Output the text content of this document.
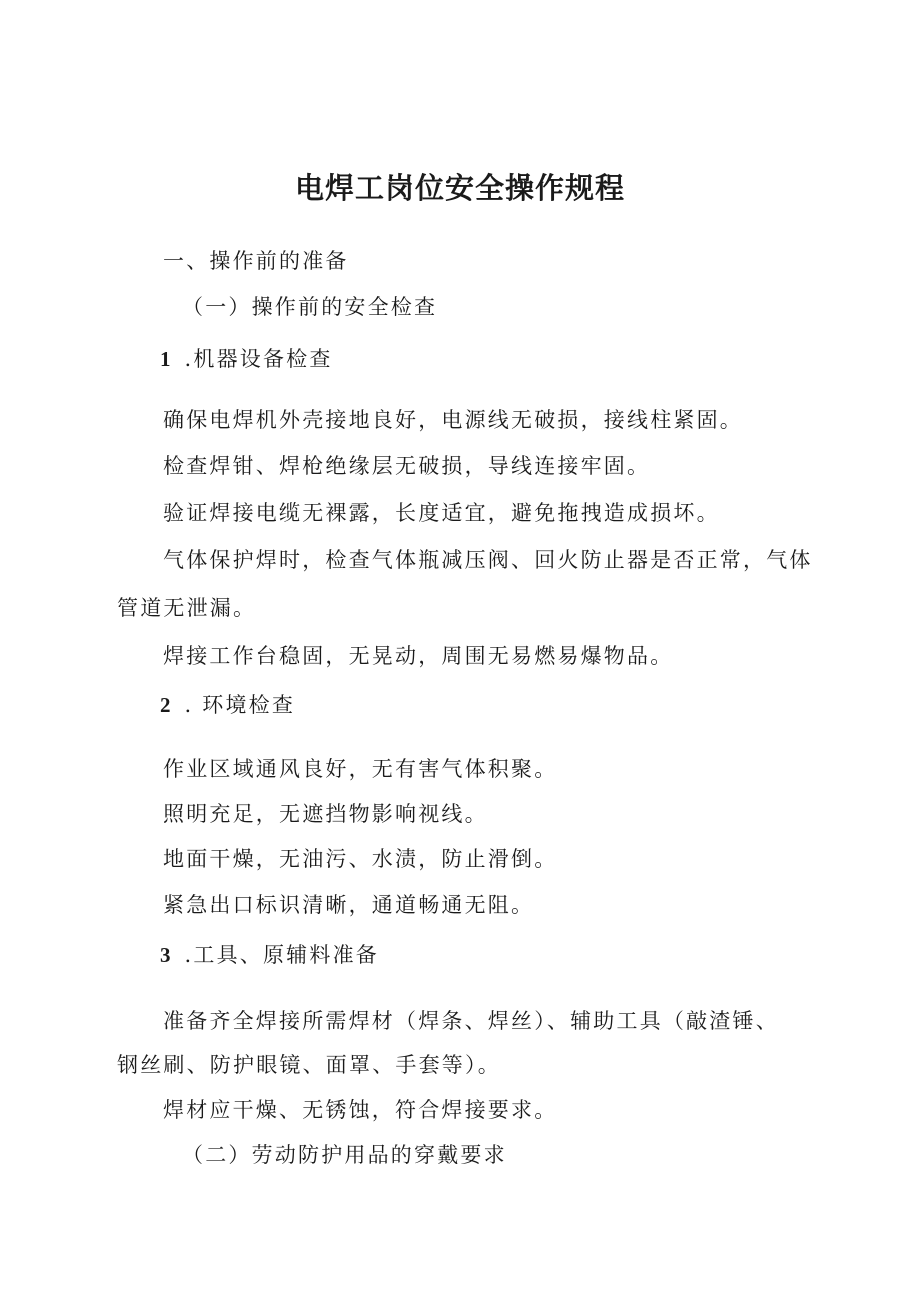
电焊工岗位安全操作规程
一、操作前的准备
（一）操作前的安全检查
1 .机器设备检查
确保电焊机外壳接地良好，电源线无破损，接线柱紧固。
检查焊钳、焊枪绝缘层无破损，导线连接牢固。
验证焊接电缆无裸露，长度适宜，避免拖拽造成损坏。
气体保护焊时，检查气体瓶减压阀、回火防止器是否正常，气体
管道无泄漏。
焊接工作台稳固，无晃动，周围无易燃易爆物品。
2 . 环境检查
作业区域通风良好，无有害气体积聚。
照明充足，无遮挡物影响视线。
地面干燥，无油污、水渍，防止滑倒。
紧急出口标识清晰，通道畅通无阻。
3 .工具、原辅料准备
准备齐全焊接所需焊材（焊条、焊丝）、辅助工具（敲渣锤、
钢丝刷、防护眼镜、面罩、手套等）。
焊材应干燥、无锈蚀，符合焊接要求。
（二）劳动防护用品的穿戴要求
